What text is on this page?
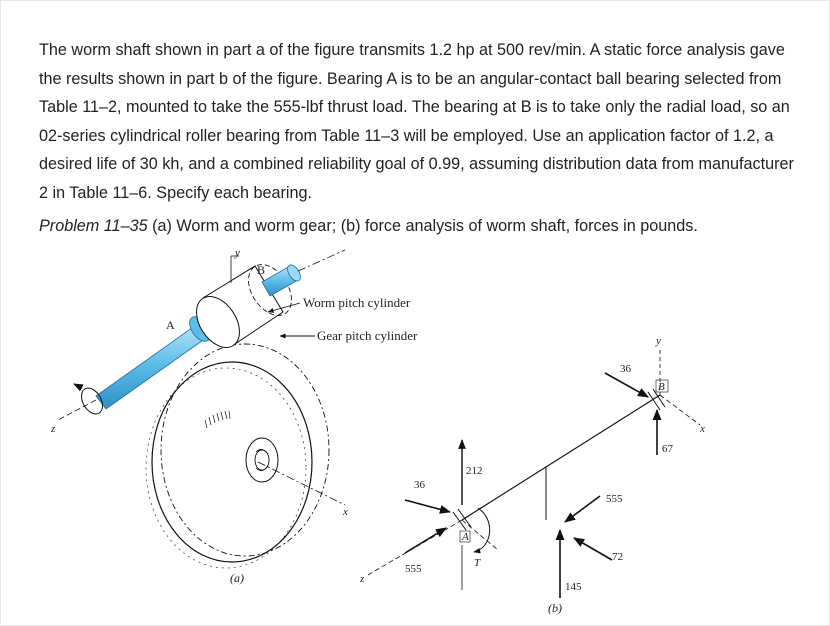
The worm shaft shown in part a of the figure transmits 1.2 hp at 500 rev/min. A static force analysis gave the results shown in part b of the figure. Bearing A is to be an angular-contact ball bearing selected from Table 11–2, mounted to take the 555-lbf thrust load. The bearing at B is to take only the radial load, so an 02-series cylindrical roller bearing from Table 11–3 will be employed. Use an application factor of 1.2, a desired life of 30 kh, and a combined reliability goal of 0.99, assuming distribution data from manufacturer 2 in Table 11–6. Specify each bearing.
Problem 11–35 (a) Worm and worm gear; (b) force analysis of worm shaft, forces in pounds.
x
z
y
B
A
Worm pitch cylinder
Gear pitch cylinder
(a)
x
z
A
T
212
36
555
145
555
72
B
y
36
67
(b)
